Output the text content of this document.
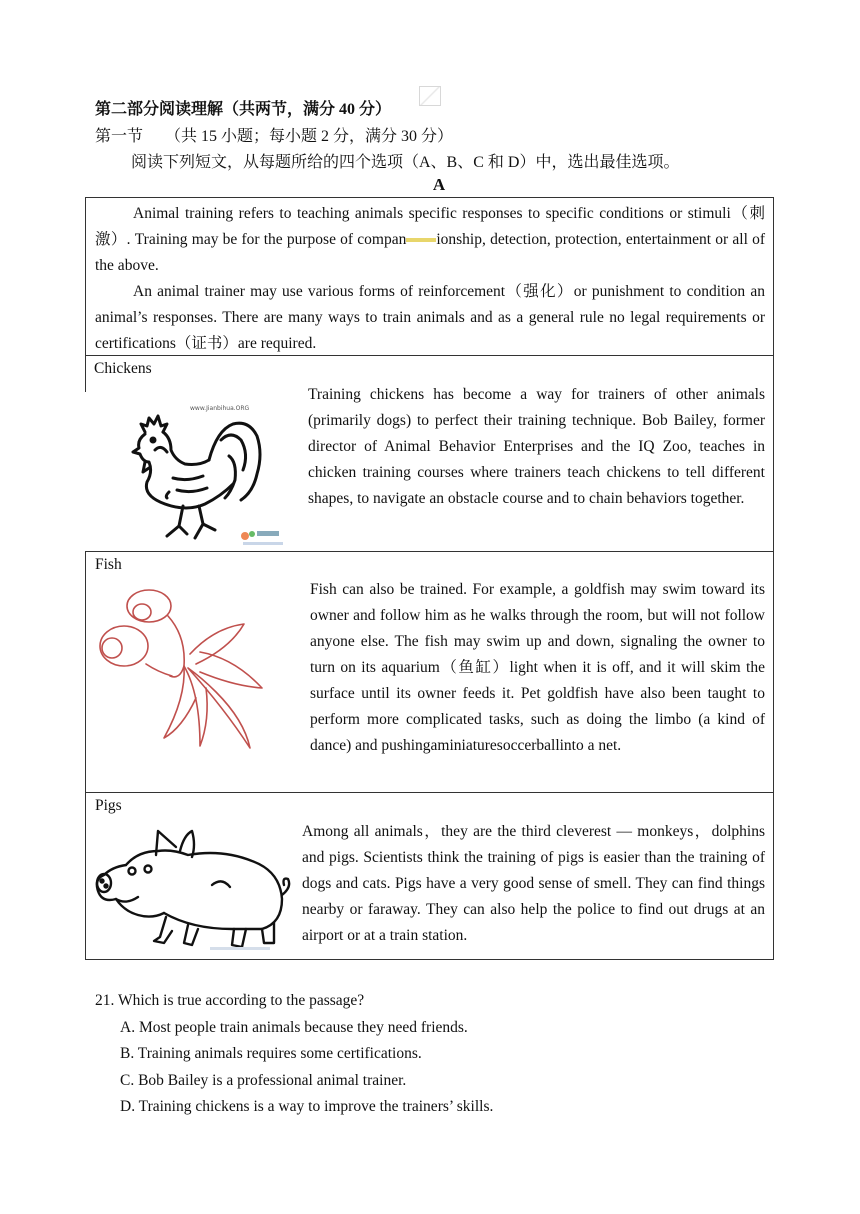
第二部分阅读理解（共两节，满分 40 分）
第一节 （共 15 小题；每小题 2 分，满分 30 分）
阅读下列短文，从每题所给的四个选项（A、B、C 和 D）中，选出最佳选项。
A

Animal training refers to teaching animals specific responses to specific conditions or stimuli（刺激）. Training may be for the purpose of compan ionship, detection, protection, entertainment or all of the above.

An animal trainer may use various forms of reinforcement（强化）or punishment to condition an animal’s responses. There are many ways to train animals and as a general rule no legal requirements or certifications（证书）are required.

Chickens
www.Jianbihua.ORG
Training chickens has become a way for trainers of other animals (primarily dogs) to perfect their training technique. Bob Bailey, former director of Animal Behavior Enterprises and the IQ Zoo, teaches in chicken training courses where trainers teach chickens to tell different shapes, to navigate an obstacle course and to chain behaviors together.
Fish
Fish can also be trained. For example, a goldfish may swim toward its owner and follow him as he walks through the room, but will not follow anyone else. The fish may swim up and down, signaling the owner to turn on its aquarium（鱼缸）light when it is off, and it will skim the surface until its owner feeds it. Pet goldfish have also been taught to perform more complicated tasks, such as doing the limbo (a kind of dance) and pushingaminiaturesoccerballinto a net.
Pigs
Among all animals，they are the third cleverest — monkeys，dolphins and pigs. Scientists think the training of pigs is easier than the training of dogs and cats. Pigs have a very good sense of smell. They can find things nearby or faraway. They can also help the police to find out drugs at an airport or at a train station.
21. Which is true according to the passage?
A. Most people train animals because they need friends.
B. Training animals requires some certifications.
C. Bob Bailey is a professional animal trainer.
D. Training chickens is a way to improve the trainers’ skills.
